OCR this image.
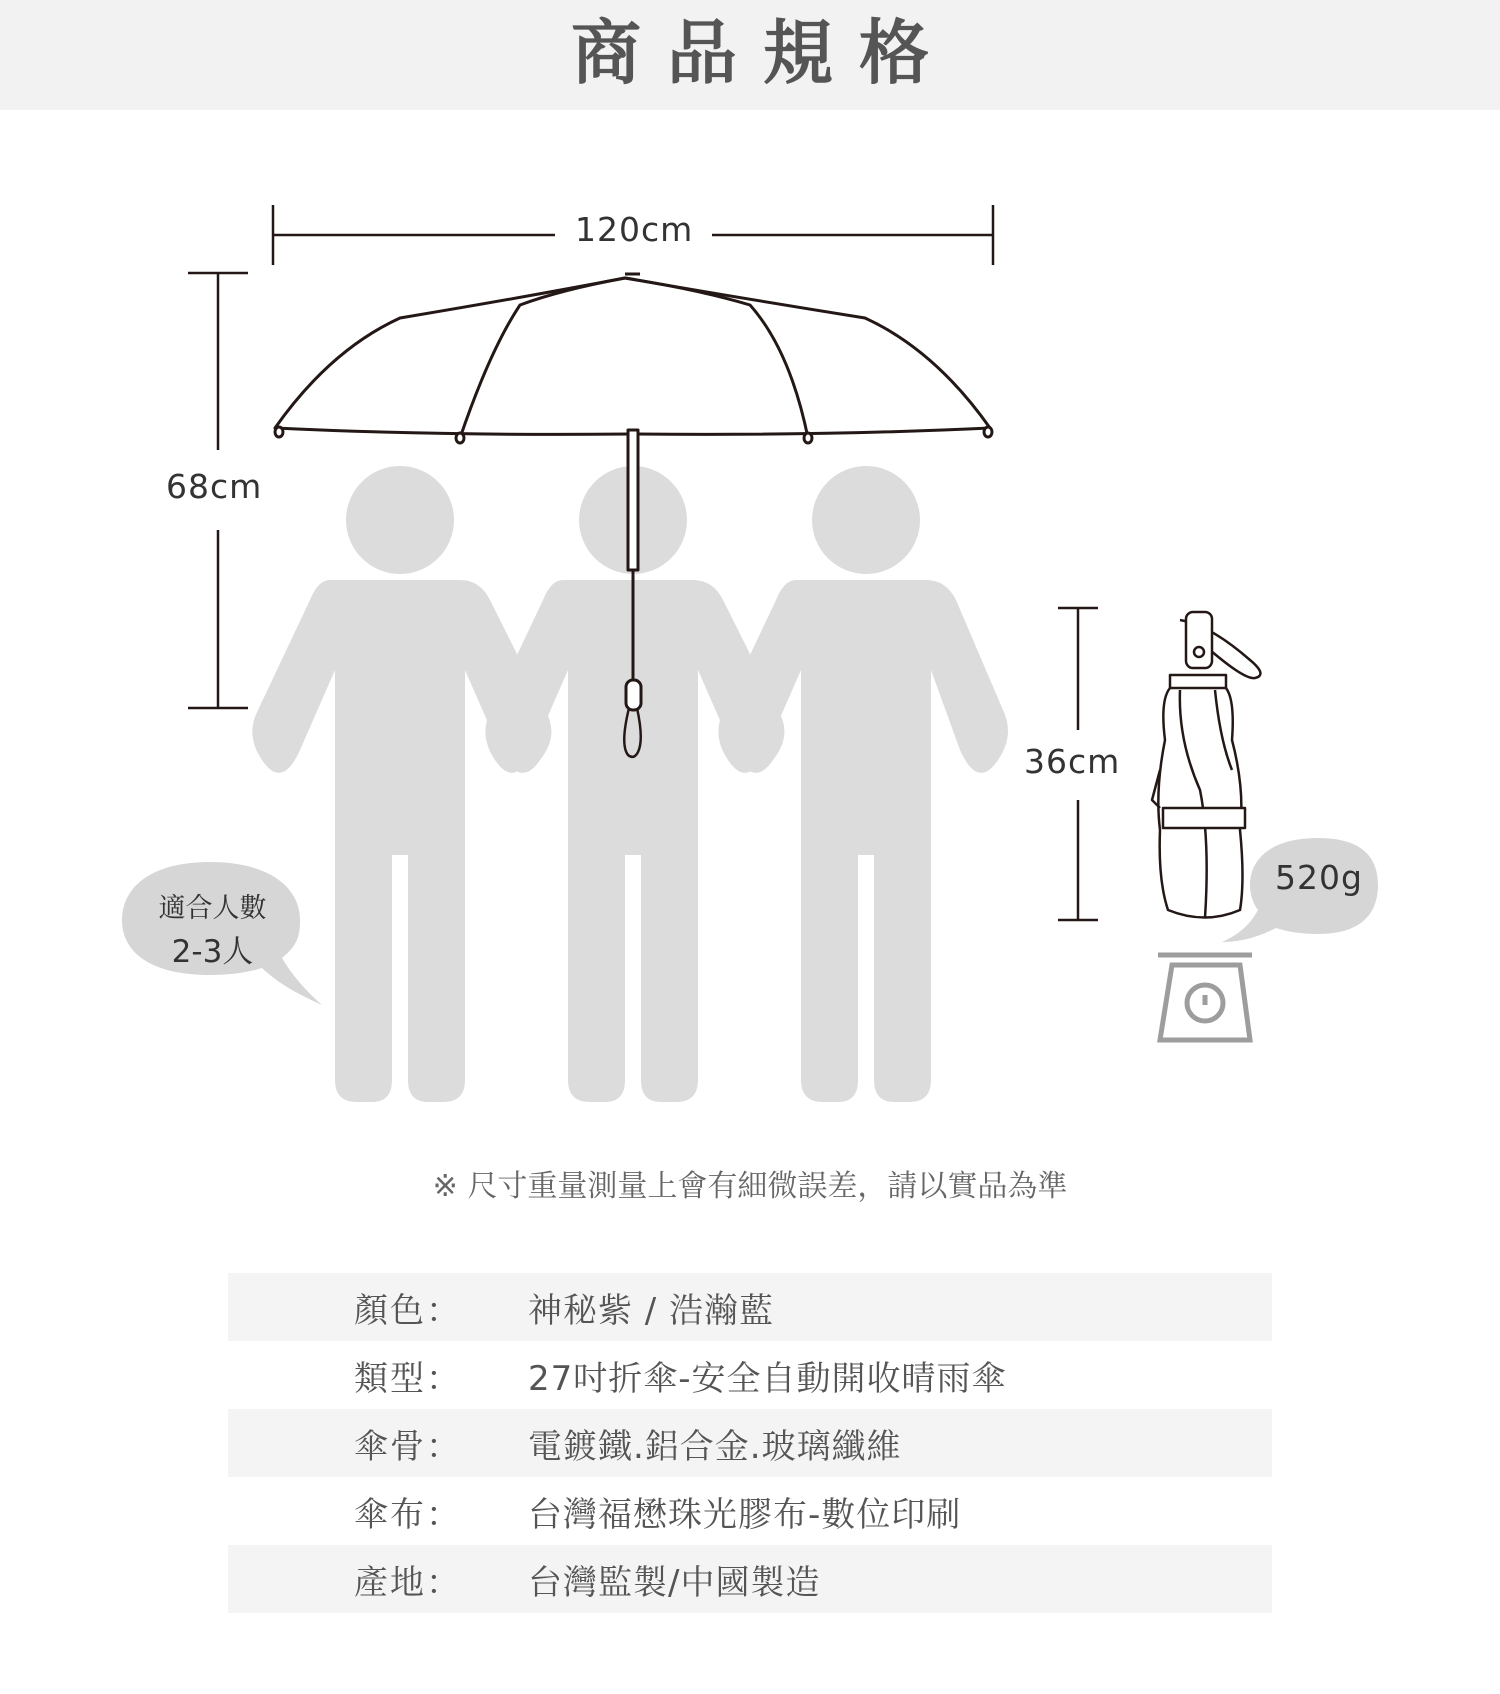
商品規格
120cm
68cm
36cm
520g
適合人數
2-3人
※ 尺寸重量測量上會有細微誤差，請以實品為準
顏色： 神秘紫 / 浩瀚藍
類型： 27吋折傘-安全自動開收晴雨傘
傘骨： 電鍍鐵.鋁合金.玻璃纖維
傘布： 台灣福懋珠光膠布-數位印刷
產地： 台灣監製/中國製造
